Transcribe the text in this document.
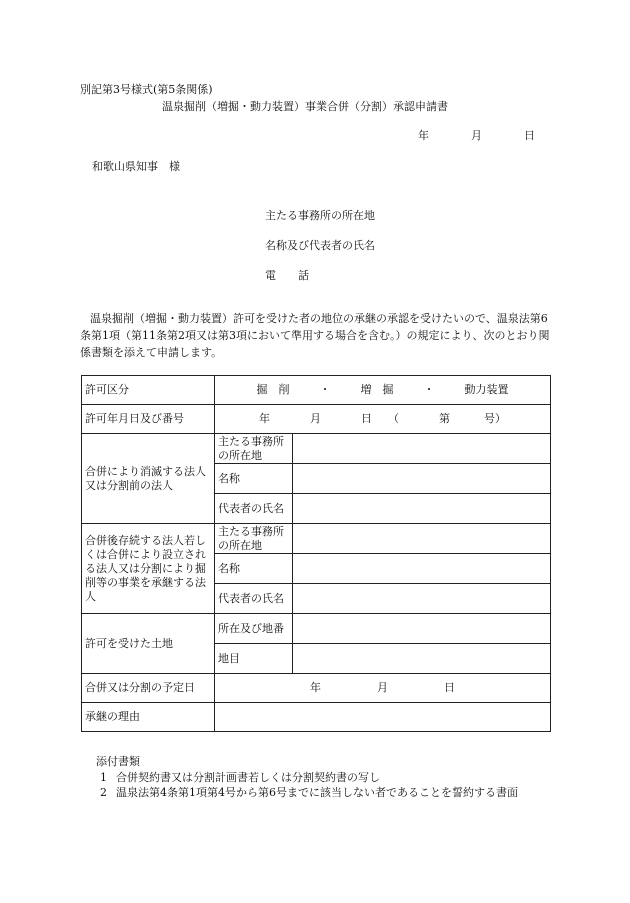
別記第3号様式(第5条関係)
温泉掘削（増掘・動力装置）事業合併（分割）承認申請書
年	月	日
和歌山県知事　様
主たる事務所の所在地
名称及び代表者の氏名
電　　話
温泉掘削（増掘・動力装置）許可を受けた者の地位の承継の承認を受けたいので、温泉法第6条第1項（第11条第2項又は第3項において準用する場合を含む。）の規定により、次のとおり関係書類を添えて申請します。
許可区分	掘　削 ・ 増　掘 ・ 動力装置	
許可年月日及び番号	年 月 日 （ 第 号）	
合併により消滅する法人又は分割前の法人	主たる事務所の所在地	
	名称	
	代表者の氏名	
合併後存続する法人若しくは合併により設立される法人又は分割により掘削等の事業を承継する法人	主たる事務所の所在地	
	名称	
	代表者の氏名	
許可を受けた土地	所在及び地番	
	地目	
合併又は分割の予定日	年 月 日	
承継の理由		
添付書類
1 合併契約書又は分割計画書若しくは分割契約書の写し
2 温泉法第4条第1項第4号から第6号までに該当しない者であることを誓約する書面
